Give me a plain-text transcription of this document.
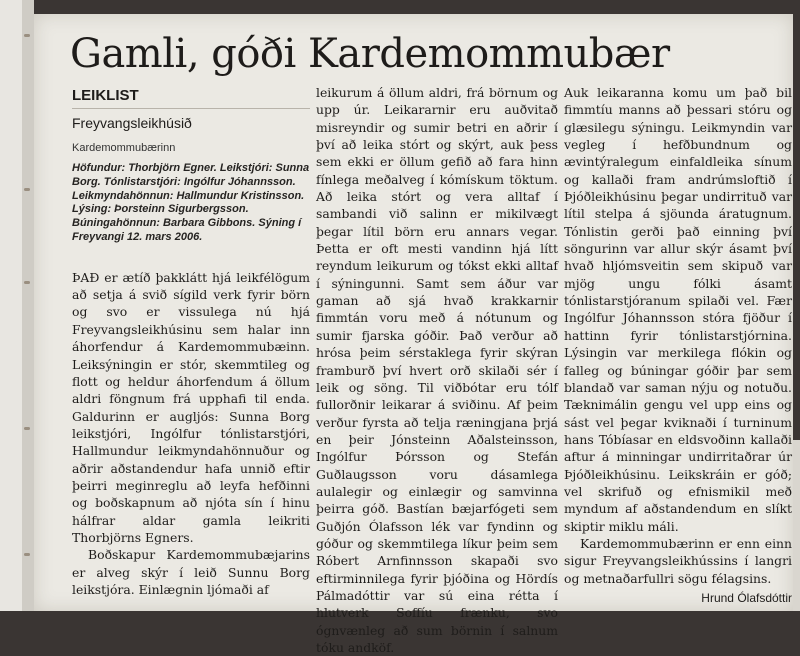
Gamli, góði Kardemommubær
LEIKLIST
Freyvangsleikhúsið
Kardemommubærinn
Höfundur: Thorbjörn Egner. Leikstjóri: Sunna Borg. Tónlistarstjóri: Ingólfur Jóhannsson. Leikmyndahönnun: Hallmundur Kristinsson. Lýsing: Þorsteinn Sigurbergsson. Búningahönnun: Barbara Gibbons. Sýning í Freyvangi 12. mars 2006.

ÞAÐ er ætíð þakklátt hjá leikfélögum að setja á svið sígild verk fyrir börn og svo er vissulega nú hjá Freyvangsleikhúsinu sem halar inn áhorfendur á Kardemommubæinn. Leiksýningin er stór, skemmtileg og flott og heldur áhorfendum á öllum aldri föngnum frá upphafi til enda. Galdurinn er augljós: Sunna Borg leikstjóri, Ingólfur tónlistarstjóri, Hallmundur leikmyndahönnuður og aðrir aðstandendur hafa unnið eftir þeirri meginreglu að leyfa hefðinni og boðskapnum að njóta sín í hinu hálfrar aldar gamla leikriti Thorbjörns Egners.

Boðskapur Kardemommubæjarins er alveg skýr í leið Sunnu Borg leikstjóra. Einlægnin ljómaði af

leikurum á öllum aldri, frá börnum og upp úr. Leikararnir eru auðvitað misreyndir og sumir betri en aðrir í því að leika stórt og skýrt, auk þess sem ekki er öllum gefið að fara hinn fínlega meðalveg í kómískum töktum. Að leika stórt og vera alltaf í sambandi við salinn er mikilvægt þegar lítil börn eru annars vegar. Þetta er oft mesti vandinn hjá lítt reyndum leikurum og tókst ekki alltaf í sýningunni. Samt sem áður var gaman að sjá hvað krakkarnir fimmtán voru með á nótunum og sumir fjarska góðir. Það verður að hrósa þeim sérstaklega fyrir skýran framburð því hvert orð skilaði sér í leik og söng. Til viðbótar eru tólf fullorðnir leikarar á sviðinu. Af þeim verður fyrsta að telja ræningjana þrjá en þeir Jónsteinn Aðalsteinsson, Ingólfur Þórsson og Stefán Guðlaugsson voru dásamlega aulalegir og einlægir og samvinna þeirra góð. Bastían bæjarfógeti sem Guðjón Ólafsson lék var fyndinn og góður og skemmtilega líkur þeim sem Róbert Arnfinnsson skapaði svo eftirminnilega fyrir þjóðina og Hördís Pálmadóttir var sú eina rétta í hlutverk Soffíu frænku, svo ógnvænleg að sum börnin í salnum tóku andköf.

Auk leikaranna komu um það bil fimmtíu manns að þessari stóru og glæsilegu sýningu. Leikmyndin var vegleg í hefðbundnum og ævintýralegum einfaldleika sínum og kallaði fram andrúmsloftið í Þjóðleikhúsinu þegar undirrituð var lítil stelpa á sjöunda áratugnum. Tónlistin gerði það einning því söngurinn var allur skýr ásamt því hvað hljómsveitin sem skipuð var mjög ungu fólki ásamt tónlistarstjóranum spilaði vel. Fær Ingólfur Jóhannsson stóra fjöður í hattinn fyrir tónlistarstjórnina. Lýsingin var merkilega flókin og falleg og búningar góðir þar sem blandað var saman nýju og notuðu. Tæknimálin gengu vel upp eins og sást vel þegar kviknaði í turninum hans Tóbíasar en eldsvoðinn kallaði aftur á minningar undirritaðrar úr Þjóðleikhúsinu. Leikskráin er góð; vel skrifuð og efnismikil með myndum af aðstandendum en slíkt skiptir miklu máli.

Kardemommubærinn er enn einn sigur Freyvangsleikhússins í langri og metnaðarfullri sögu félagsins.

Hrund Ólafsdóttir
